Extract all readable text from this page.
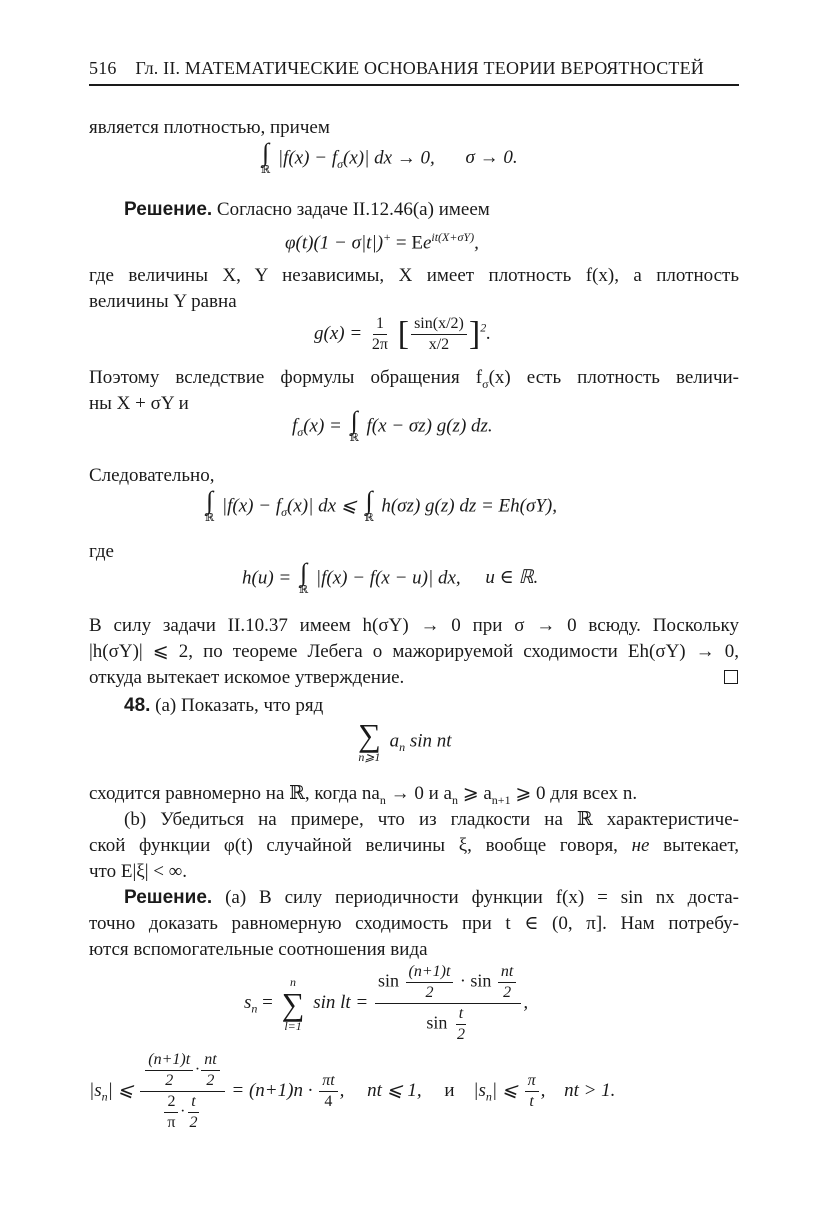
516 Гл. II. МАТЕМАТИЧЕСКИЕ ОСНОВАНИЯ ТЕОРИИ ВЕРОЯТНОСТЕЙ
является плотностью, причем
∫
ℝ
$|f(x) - f_\sigma(x)|$ dx → 0, σ → 0.
Решение. Согласно задаче II.12.46(a) имеем
$\varphi(t)(1 - \sigma|t|)^+ = Ee^{it(X+\sigma Y)}$,
где величины X, Y независимы, X имеет плотность f(x), а плотность
величины Y равна
$g(x) = \frac{1}{2\pi}$ [ $\frac{\sin(x/2)}{x/2} ]^2$.
Поэтому вследствие формулы обращения $f_\sigma(x)$ есть плотность величи-
ны X + σY и
$f_\sigma(x)$ = ∫
ℝ
f(x − σz) g(z) dz.
Следовательно,
∫
ℝ
$|f(x) - f_\sigma(x)|$ dx ⩽ ∫
ℝ
h(σz) g(z) dz = Eh(σY),
где
h(u) = ∫
ℝ
|f(x) − f(x − u)| dx, u ∈ ℝ.
В силу задачи II.10.37 имеем h(σY) → 0 при σ → 0 всюду. Поскольку
|h(σY)| ⩽ 2, по теореме Лебега о мажорируемой сходимости Eh(σY) → 0,
откуда вытекает искомое утверждение.
48. (a) Показать, что ряд
∑
n⩾1
$a_n$ sin nt
сходится равномерно на ℝ, когда $na_n \to 0$ и $a_n$ ⩾ $a_{n+1}$ ⩾ 0 для всех n.
(b) Убедиться на примере, что из гладкости на ℝ характеристиче-
ской функции φ(t) случайной величины ξ, вообще говоря, не вытекает,
что E|ξ| < ∞.
Решение. (a) В силу периодичности функции f(x) = sin nx доста-
точно доказать равномерную сходимость при t ∈ (0, π]. Нам потребу-
ются вспомогательные соотношения вида
$s_n$ =
n
∑
l=1
sin lt = $\frac{\sin \frac{(n+1)t}{2} \cdot \sin \frac{nt}{2}}{\sin \frac{t}{2}}$ ,
$|s_n|$ ⩽ $\frac{\frac{(n+1)t}{2} \cdot \frac{nt}{2}}{\frac{2}{\pi} \cdot \frac{t}{2}} = (n+1)n \cdot \frac{\pi t}{4}$ , nt ⩽ 1, и $|s_n|$ ⩽ $\frac{\pi}{t}$ , nt > 1.
